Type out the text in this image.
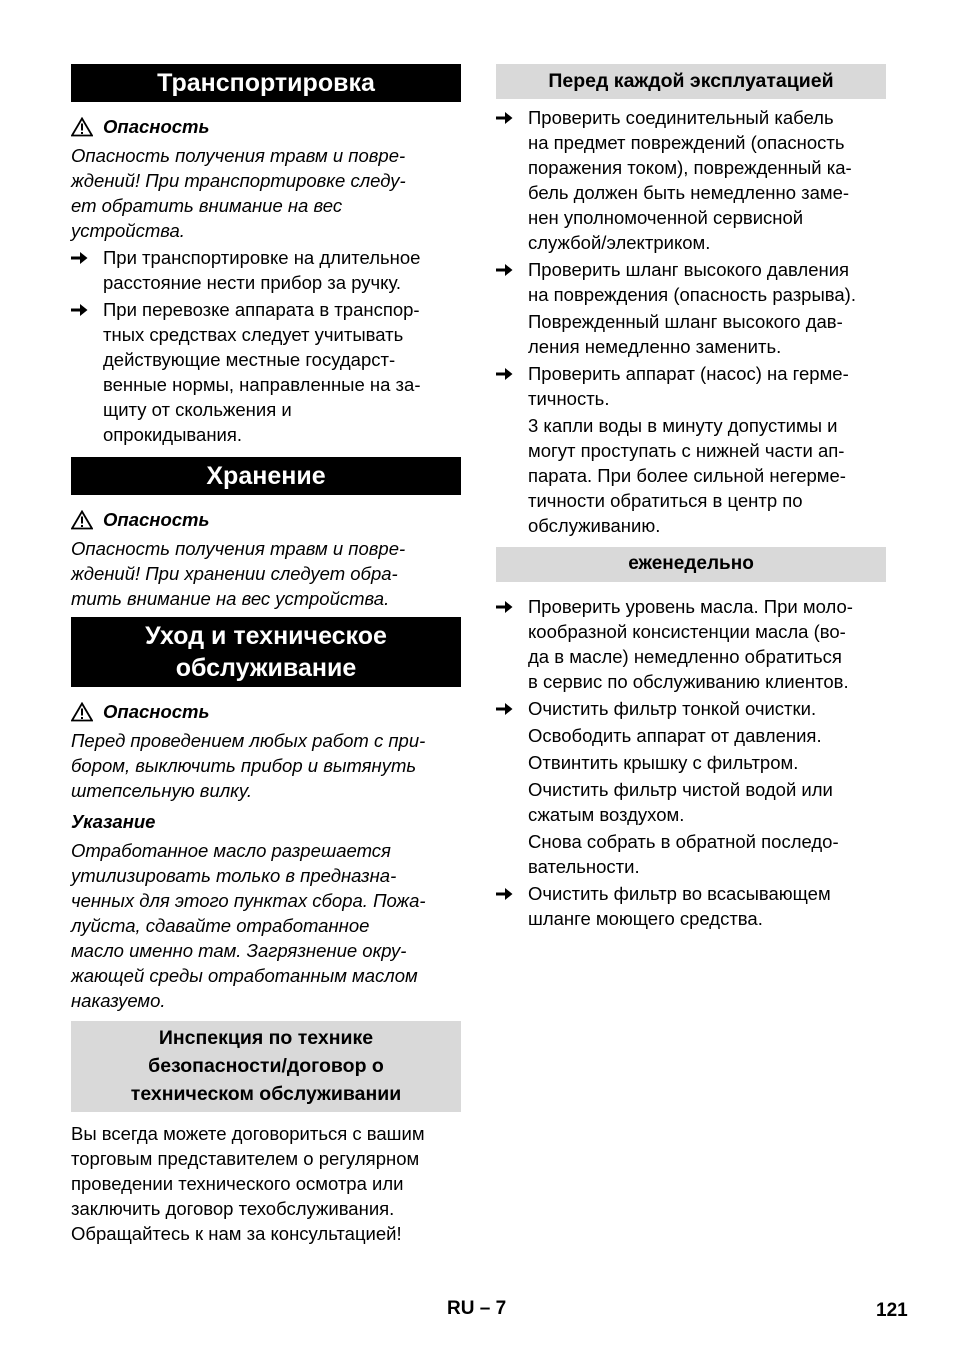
Транспортировка
Опасность
Опасность получения травм и повре-
ждений! При транспортировке следу-
ет обратить внимание на вес
устройства.
При транспортировке на длительное
расстояние нести прибор за ручку.
При перевозке аппарата в транспор-
тных средствах следует учитывать
действующие местные государст-
венные нормы, направленные на за-
щиту от скольжения и
опрокидывания.
Хранение
Опасность
Опасность получения травм и повре-
ждений! При хранении следует обра-
тить внимание на вес устройства.
Уход и техническое
обслуживание
Опасность
Перед проведением любых работ с при-
бором, выключить прибор и вытянуть
штепсельную вилку.
Указание
Отработанное масло разрешается
утилизировать только в предназна-
ченных для этого пунктах сбора. Пожа-
луйста, сдавайте отработанное
масло именно там. Загрязнение окру-
жающей среды отработанным маслом
наказуемо.
Инспекция по технике
безопасности/договор о
техническом обслуживании
Вы всегда можете договориться с вашим
торговым представителем о регулярном
проведении технического осмотра или
заключить договор техобслуживания.
Обращайтесь к нам за консультацией!
Перед каждой эксплуатацией
Проверить соединительный кабель
на предмет повреждений (опасность
поражения током), поврежденный ка-
бель должен быть немедленно заме-
нен уполномоченной сервисной
службой/электриком.
Проверить шланг высокого давления
на повреждения (опасность разрыва).
Поврежденный шланг высокого дав-
ления немедленно заменить.
Проверить аппарат (насос) на герме-
тичность.
3 капли воды в минуту допустимы и
могут проступать с нижней части ап-
парата. При более сильной негерме-
тичности обратиться в центр по
обслуживанию.
еженедельно
Проверить уровень масла. При моло-
кообразной консистенции масла (во-
да в масле) немедленно обратиться
в сервис по обслуживанию клиентов.
Очистить фильтр тонкой очистки.
Освободить аппарат от давления.
Отвинтить крышку с фильтром.
Очистить фильтр чистой водой или
сжатым воздухом.
Снова собрать в обратной последо-
вательности.
Очистить фильтр во всасывающем
шланге моющего средства.
RU – 7	121
